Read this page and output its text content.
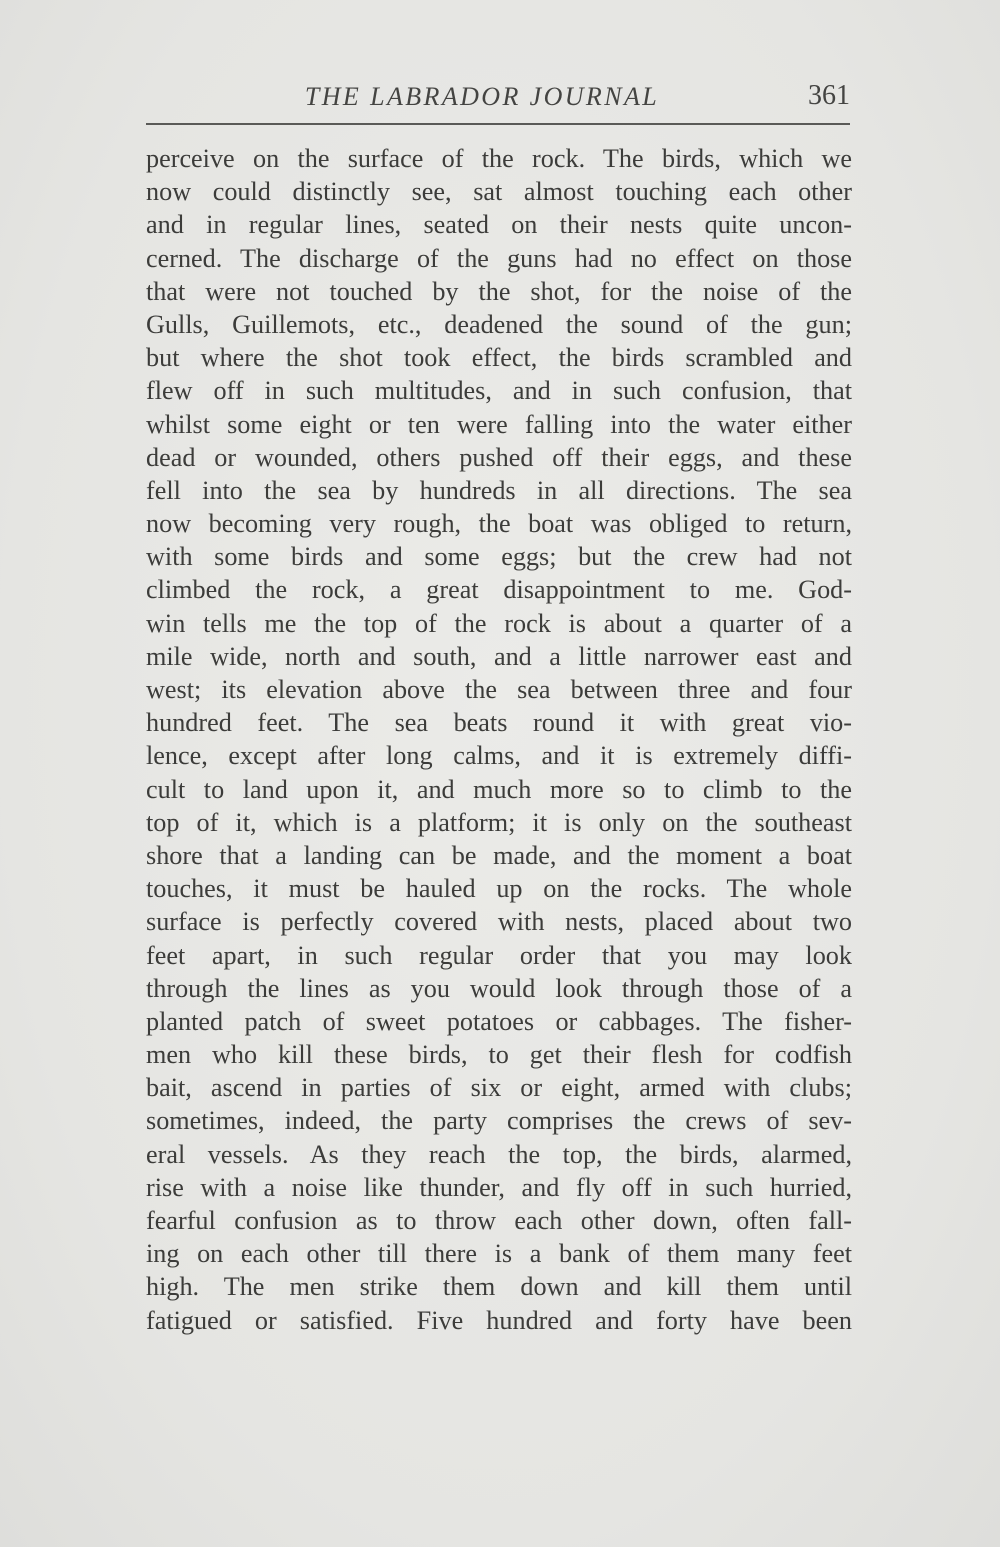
THE LABRADOR JOURNAL	361
perceive on the surface of the rock. The birds, which we
now could distinctly see, sat almost touching each other
and in regular lines, seated on their nests quite uncon-
cerned. The discharge of the guns had no effect on those
that were not touched by the shot, for the noise of the
Gulls, Guillemots, etc., deadened the sound of the gun;
but where the shot took effect, the birds scrambled and
flew off in such multitudes, and in such confusion, that
whilst some eight or ten were falling into the water either
dead or wounded, others pushed off their eggs, and these
fell into the sea by hundreds in all directions. The sea
now becoming very rough, the boat was obliged to return,
with some birds and some eggs; but the crew had not
climbed the rock, a great disappointment to me. God-
win tells me the top of the rock is about a quarter of a
mile wide, north and south, and a little narrower east and
west; its elevation above the sea between three and four
hundred feet. The sea beats round it with great vio-
lence, except after long calms, and it is extremely diffi-
cult to land upon it, and much more so to climb to the
top of it, which is a platform; it is only on the southeast
shore that a landing can be made, and the moment a boat
touches, it must be hauled up on the rocks. The whole
surface is perfectly covered with nests, placed about two
feet apart, in such regular order that you may look
through the lines as you would look through those of a
planted patch of sweet potatoes or cabbages. The fisher-
men who kill these birds, to get their flesh for codfish
bait, ascend in parties of six or eight, armed with clubs;
sometimes, indeed, the party comprises the crews of sev-
eral vessels. As they reach the top, the birds, alarmed,
rise with a noise like thunder, and fly off in such hurried,
fearful confusion as to throw each other down, often fall-
ing on each other till there is a bank of them many feet
high. The men strike them down and kill them until
fatigued or satisfied. Five hundred and forty have been
